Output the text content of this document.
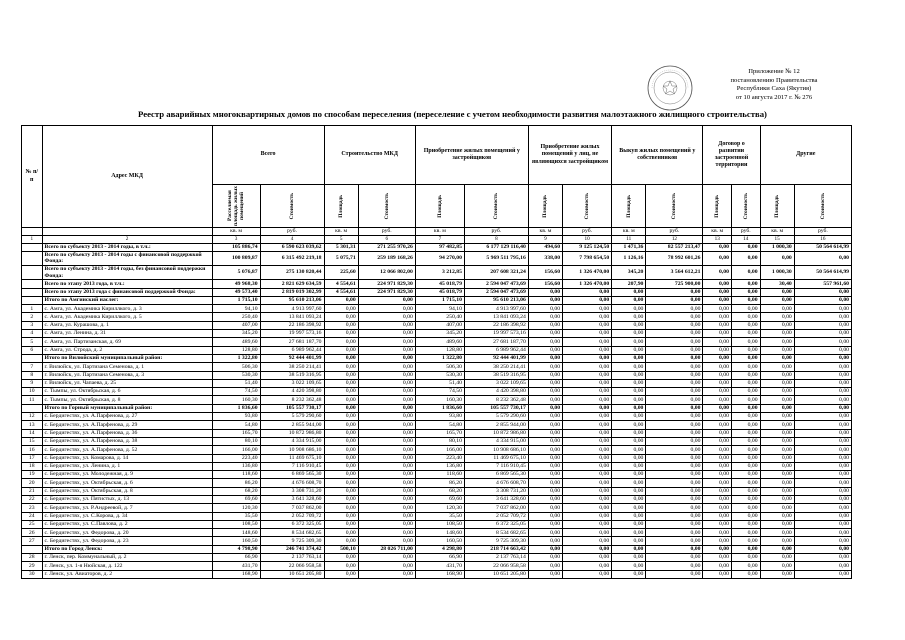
Приложение № 12
постановлению Правительства
Республики Саха (Якутия)
от 10 августа 2017 г. № 276
Реестр аварийных многоквартирных домов по способам переселения (переселение с учетом необходимости развития малоэтажного жилищного строительства)
№ п/п	Адрес МКД	Всего		Строительство МКД		Приобретение жилых помещений у застройщиков		Приобретение жилых помещений у лиц, не являющихся застройщиком		Выкуп жилых помещений у собственников		Договор о развитии застроенной территории		Другие	

		Расселяемая площадь жилых помещений	Стоимость	Площадь	Стоимость	Площадь	Стоимость	Площадь	Стоимость	Площадь	Стоимость	Площадь	Стоимость	Площадь	Стоимость

		кв. м	руб.	кв. м	руб.	кв. м	руб.	кв. м	руб.	кв. м	руб.	кв. м	руб.	кв. м	руб.
1	2	3	4	5	6	7	8	9	10	11	12	13	14	15	16
	Всего по субъекту 2013 - 2014 годы, в т.ч.:	105 886,74	6 590 623 039,62	5 301,31	271 255 970,26	97 482,85	6 177 129 116,40	494,60	9 125 124,50	1 471,36	82 557 213,47	0,00	0,00	1 000,30	50 564 614,99
	Всего по субъекту 2013 - 2014 годы с финансовой поддержкой Фонда:	100 809,87	6 315 492 219,18	5 075,71	259 189 168,26	94 270,00	5 969 511 795,16	338,00	7 798 654,50	1 126,16	78 992 601,26	0,00	0,00	0,00	0,00
	Всего по субъекту 2013 - 2014 годы, без финансовой поддержки Фонда:	5 076,87	275 130 820,44	225,60	12 066 802,00	3 212,85	207 608 321,24	156,60	1 326 470,00	345,20	3 564 612,21	0,00	0,00	1 000,30	50 564 614,99
	Всего по этапу 2013 года, в т.ч.:	49 968,30	2 821 629 634,59	4 554,61	224 971 829,30	45 018,79	2 594 047 473,69	156,60	1 326 470,00	207,90	725 900,00	0,00	0,00	30,40	557 961,60
	Всего по этапу 2013 года с финансовой поддержкой Фонда:	49 573,40	2 819 019 302,99	4 554,61	224 971 829,30	45 018,79	2 594 047 473,69	0,00	0,00	0,00	0,00	0,00	0,00	0,00	0,00
	Итого по Амгинский наслег:	1 715,10	95 610 213,06	0,00	0,00	1 715,10	95 610 213,06	0,00	0,00	0,00	0,00	0,00	0,00	0,00	0,00
1	с. Амга, ул. Академика Кириллкого, д. 3	94,10	4 913 997,60	0,00	0,00	94,10	4 913 997,60	0,00	0,00	0,00	0,00	0,00	0,00	0,00	0,00
2	с. Амга, ул. Академика Кириллкого, д. 5	250,40	13 841 093,24	0,00	0,00	250,40	13 841 093,24	0,00	0,00	0,00	0,00	0,00	0,00	0,00	0,00
3	с. Амга, ул. Курашова, д. 1	407,00	22 186 398,92	0,00	0,00	407,00	22 186 398,92	0,00	0,00	0,00	0,00	0,00	0,00	0,00	0,00
4	с. Амга, ул. Ленина, д. 31	345,20	19 997 573,16	0,00	0,00	345,20	19 997 573,16	0,00	0,00	0,00	0,00	0,00	0,00	0,00	0,00
5	с. Амга, ул. Партизанская, д. 69	489,60	27 681 187,70	0,00	0,00	489,60	27 681 187,70	0,00	0,00	0,00	0,00	0,00	0,00	0,00	0,00
6	с. Амга, ул. Строда, д. 2	128,80	6 989 962,44	0,00	0,00	128,80	6 989 962,44	0,00	0,00	0,00	0,00	0,00	0,00	0,00	0,00
	Итого по Вилюйский муниципальный район:	1 322,80	92 444 401,99	0,00	0,00	1 322,80	92 444 401,99	0,00	0,00	0,00	0,00	0,00	0,00	0,00	0,00
7	г. Вилюйск, ул. Партизана Семенова, д. 1	506,30	38 250 214,41	0,00	0,00	506,30	38 250 214,41	0,00	0,00	0,00	0,00	0,00	0,00	0,00	0,00
8	г. Вилюйск, ул. Партизана Семенова, д. 3	530,30	38 519 316,95	0,00	0,00	530,30	38 519 316,95	0,00	0,00	0,00	0,00	0,00	0,00	0,00	0,00
9	г. Вилюйск, ул. Чапаева, д. 25	51,40	3 022 109,65	0,00	0,00	51,40	3 022 109,65	0,00	0,00	0,00	0,00	0,00	0,00	0,00	0,00
10	с. Тымпы, ул. Октябрьская, д. 6	74,50	4 420 398,80	0,00	0,00	74,50	4 420 398,80	0,00	0,00	0,00	0,00	0,00	0,00	0,00	0,00
11	с. Тымпы, ул. Октябрьская, д. 8	160,30	8 232 362,48	0,00	0,00	160,30	8 232 362,48	0,00	0,00	0,00	0,00	0,00	0,00	0,00	0,00
	Итого по Горный муниципальный район:	1 836,60	105 557 730,17	0,00	0,00	1 836,60	105 557 730,17	0,00	0,00	0,00	0,00	0,00	0,00	0,00	0,00
12	с. Бердигестях, ул. А.Парфенова, д. 27	93,80	5 579 290,60	0,00	0,00	93,80	5 579 290,60	0,00	0,00	0,00	0,00	0,00	0,00	0,00	0,00
13	с. Бердигестях, ул. А.Парфенова, д. 29	54,80	2 855 944,00	0,00	0,00	54,80	2 855 944,00	0,00	0,00	0,00	0,00	0,00	0,00	0,00	0,00
14	с. Бердигестях, ул. А.Парфенова, д. 36	165,70	10 872 986,80	0,00	0,00	165,70	10 872 986,80	0,00	0,00	0,00	0,00	0,00	0,00	0,00	0,00
15	с. Бердигестях, ул. А.Парфенова, д. 38	80,10	4 334 915,00	0,00	0,00	80,10	4 334 915,00	0,00	0,00	0,00	0,00	0,00	0,00	0,00	0,00
16	с. Бердигестях, ул. А.Парфенова, д. 52	166,00	10 908 686,10	0,00	0,00	166,00	10 908 686,10	0,00	0,00	0,00	0,00	0,00	0,00	0,00	0,00
17	с. Бердигестях, ул. Комарова, д. 14	223,40	11 469 675,10	0,00	0,00	223,40	11 469 675,10	0,00	0,00	0,00	0,00	0,00	0,00	0,00	0,00
18	с. Бердигестях, ул. Ленина, д. 1	136,80	7 116 910,45	0,00	0,00	136,80	7 116 910,45	0,00	0,00	0,00	0,00	0,00	0,00	0,00	0,00
19	с. Бердигестях, ул. Молодежная, д. 9	118,60	6 869 565,30	0,00	0,00	118,60	6 869 565,30	0,00	0,00	0,00	0,00	0,00	0,00	0,00	0,00
20	с. Бердигестях, ул. Октябрьская, д. 6	86,20	4 676 608,70	0,00	0,00	86,20	4 676 608,70	0,00	0,00	0,00	0,00	0,00	0,00	0,00	0,00
21	с. Бердигестях, ул. Октябрьская, д. 8	68,20	3 308 731,20	0,00	0,00	68,20	3 308 731,20	0,00	0,00	0,00	0,00	0,00	0,00	0,00	0,00
22	с. Бердигестях, ул. Пятистых, д. 13	69,60	3 641 328,60	0,00	0,00	69,60	3 641 328,60	0,00	0,00	0,00	0,00	0,00	0,00	0,00	0,00
23	с. Бердигестях, ул. Р.Андреевой, д. 7	120,30	7 037 862,00	0,00	0,00	120,30	7 037 862,00	0,00	0,00	0,00	0,00	0,00	0,00	0,00	0,00
24	с. Бердигестях, ул. С.Корова, д. 34	35,50	2 052 709,72	0,00	0,00	35,50	2 052 709,72	0,00	0,00	0,00	0,00	0,00	0,00	0,00	0,00
25	с. Бердигестях, ул. С.Павлова, д. 2	108,50	6 372 325,05	0,00	0,00	108,50	6 372 325,05	0,00	0,00	0,00	0,00	0,00	0,00	0,00	0,00
26	с. Бердигестях, ул. Федорова, д. 20	148,60	8 534 682,65	0,00	0,00	148,60	8 534 682,65	0,00	0,00	0,00	0,00	0,00	0,00	0,00	0,00
27	с. Бердигестях, ул. Федорова, д. 23	160,50	9 725 309,30	0,00	0,00	160,50	9 725 309,30	0,00	0,00	0,00	0,00	0,00	0,00	0,00	0,00
	Итого по Город Ленск:	4 798,90	246 741 374,42	500,10	28 026 711,00	4 298,80	218 714 663,42	0,00	0,00	0,00	0,00	0,00	0,00	0,00	0,00
28	г. Ленск, пер. Коммунальный, д. 2	66,90	2 137 763,14	0,00	0,00	66,90	2 137 763,14	0,00	0,00	0,00	0,00	0,00	0,00	0,00	0,00
29	г. Ленск, ул. 1-я Нюйская, д. 122	431,70	22 066 958,58	0,00	0,00	431,70	22 066 958,58	0,00	0,00	0,00	0,00	0,00	0,00	0,00	0,00
30	г. Ленск, ул. Авиаторов, д. 2	168,90	10 651 205,80	0,00	0,00	168,90	10 651 205,80	0,00	0,00	0,00	0,00	0,00	0,00	0,00	0,00
